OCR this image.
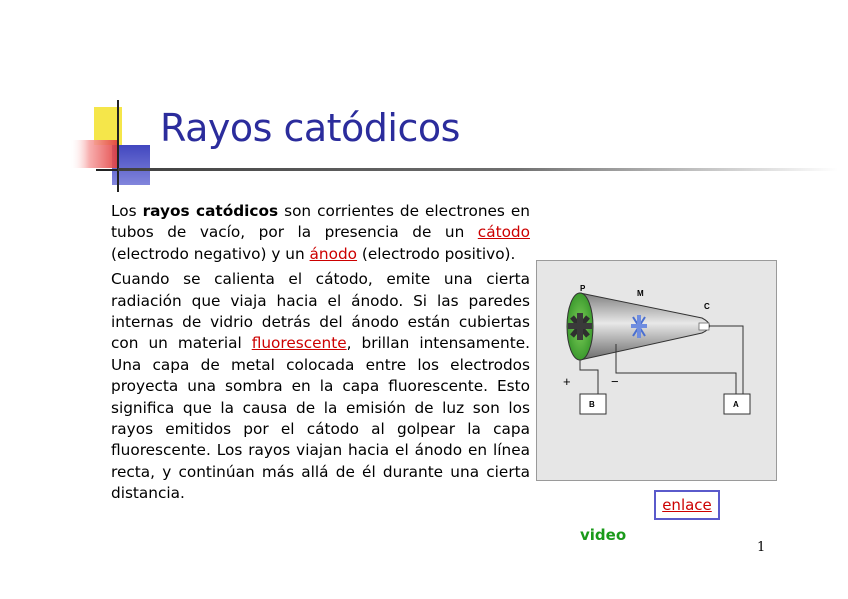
Rayos catódicos

Los rayos catódicos son corrientes de electrones en tubos de vacío, por la presencia de un cátodo (electrodo negativo) y un ánodo (electrodo positivo).

Cuando se calienta el cátodo, emite una cierta radiación que viaja hacia el ánodo. Si las paredes internas de vidrio detrás del ánodo están cubiertas con un material fluorescente, brillan intensamente. Una capa de metal colocada entre los electrodos proyecta una sombra en la capa fluorescente. Esto significa que la causa de la emisión de luz son los rayos emitidos por el cátodo al golpear la capa fluorescente. Los rayos viajan hacia el ánodo en línea recta, y continúan más allá de él durante una cierta distancia.

P
M
C
B	A
+	−
enlace
video
1
